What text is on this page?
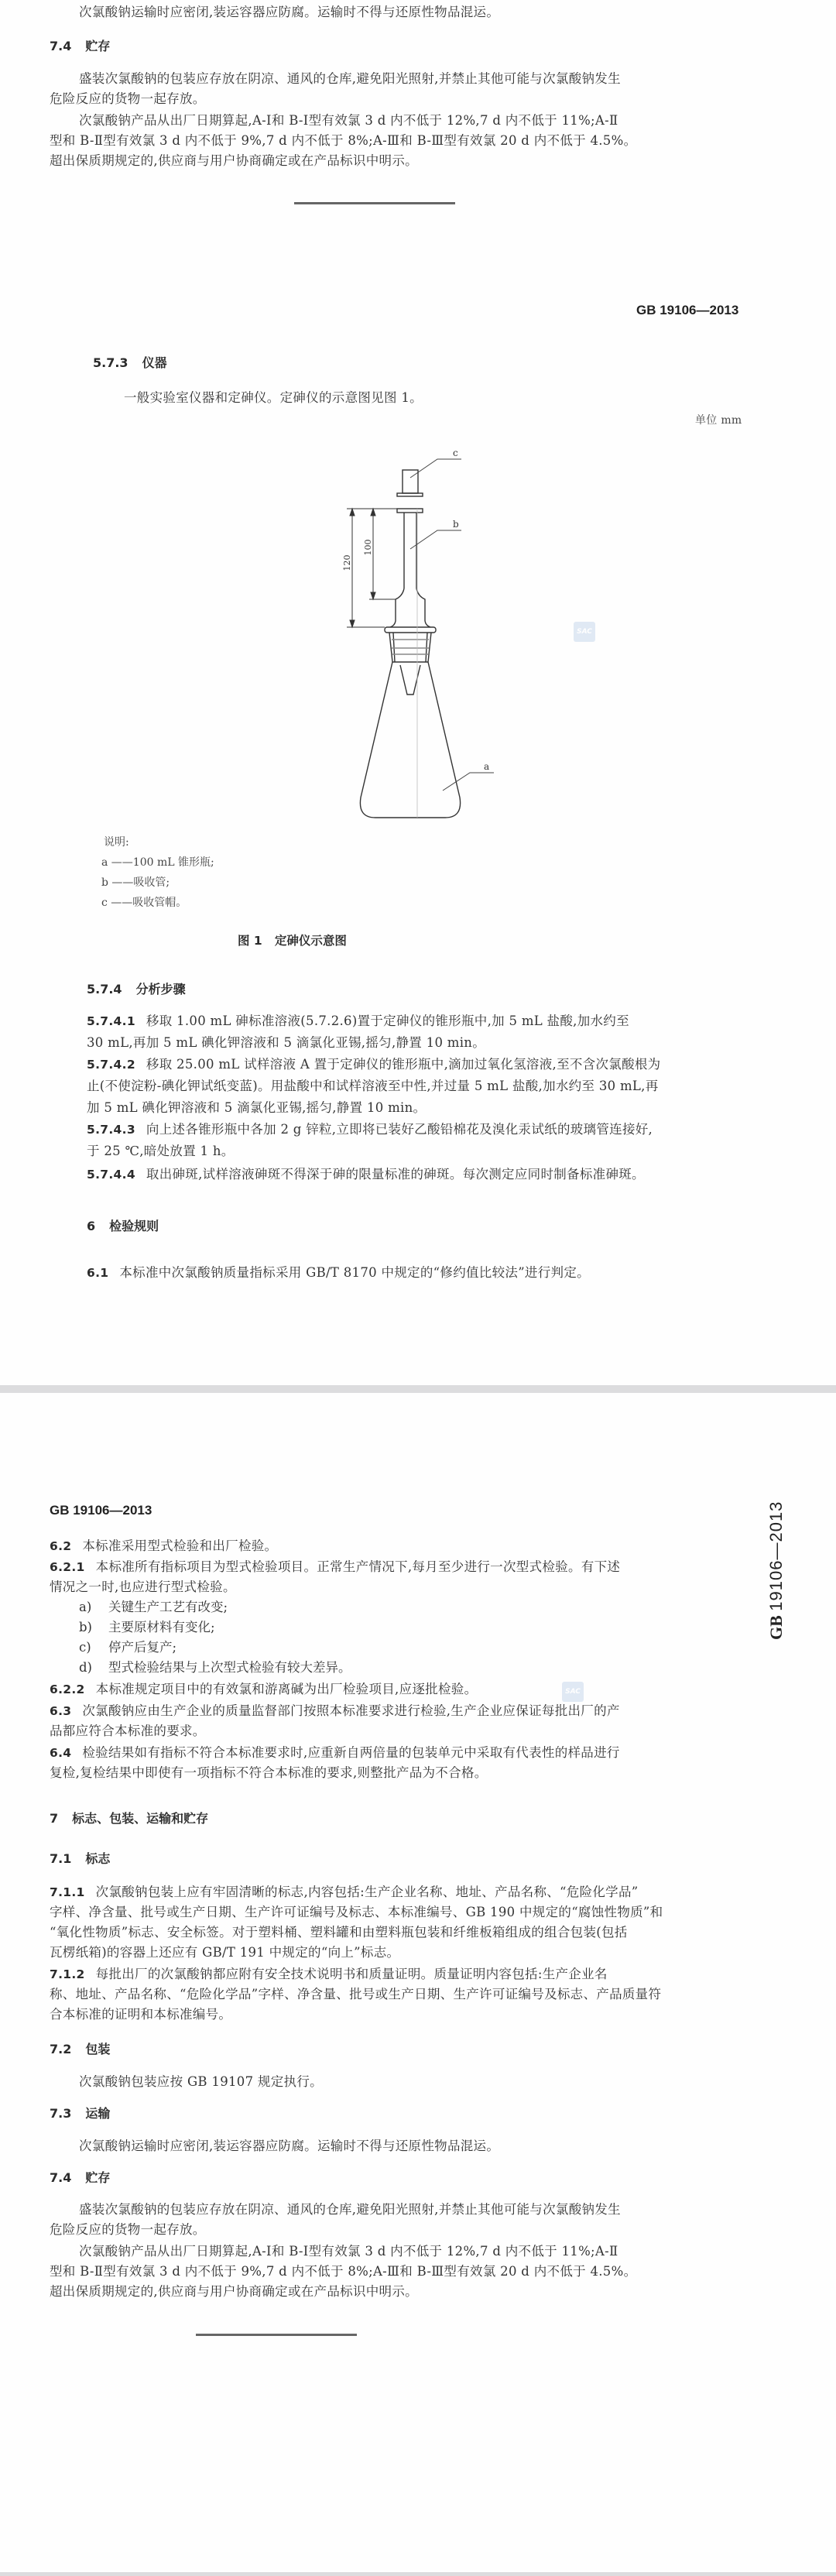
次氯酸钠运输时应密闭,装运容器应防腐。运输时不得与还原性物品混运。
7.4 贮存
盛装次氯酸钠的包装应存放在阴凉、通风的仓库,避免阳光照射,并禁止其他可能与次氯酸钠发生
危险反应的货物一起存放。
次氯酸钠产品从出厂日期算起,A-Ⅰ和 B-Ⅰ型有效氯 3 d 内不低于 12%,7 d 内不低于 11%;A-Ⅱ
型和 B-Ⅱ型有效氯 3 d 内不低于 9%,7 d 内不低于 8%;A-Ⅲ和 B-Ⅲ型有效氯 20 d 内不低于 4.5%。
超出保质期规定的,供应商与用户协商确定或在产品标识中明示。
GB 19106—2013
5.7.3 仪器
一般实验室仪器和定砷仪。定砷仪的示意图见图 1。
单位 mm
120
100
c
b
a
SAC
说明:
a ——100 mL 锥形瓶;
b ——吸收管;
c ——吸收管帽。
图 1   定砷仪示意图
5.7.4 分析步骤
5.7.4.1 移取 1.00 mL 砷标准溶液(5.7.2.6)置于定砷仪的锥形瓶中,加 5 mL 盐酸,加水约至
30 mL,再加 5 mL 碘化钾溶液和 5 滴氯化亚锡,摇匀,静置 10 min。
5.7.4.2 移取 25.00 mL 试样溶液 A 置于定砷仪的锥形瓶中,滴加过氧化氢溶液,至不含次氯酸根为
止(不使淀粉-碘化钾试纸变蓝)。用盐酸中和试样溶液至中性,并过量 5 mL 盐酸,加水约至 30 mL,再
加 5 mL 碘化钾溶液和 5 滴氯化亚锡,摇匀,静置 10 min。
5.7.4.3 向上述各锥形瓶中各加 2 g 锌粒,立即将已装好乙酸铅棉花及溴化汞试纸的玻璃管连接好,
于 25 ℃,暗处放置 1 h。
5.7.4.4 取出砷斑,试样溶液砷斑不得深于砷的限量标准的砷斑。每次测定应同时制备标准砷斑。
6 检验规则
6.1 本标准中次氯酸钠质量指标采用 GB/T 8170 中规定的“修约值比较法”进行判定。
GB 19106—2013
GB 19106—2013
6.2 本标准采用型式检验和出厂检验。
6.2.1 本标准所有指标项目为型式检验项目。正常生产情况下,每月至少进行一次型式检验。有下述
情况之一时,也应进行型式检验。
a) 关键生产工艺有改变;
b) 主要原材料有变化;
c) 停产后复产;
d) 型式检验结果与上次型式检验有较大差异。
6.2.2 本标准规定项目中的有效氯和游离碱为出厂检验项目,应逐批检验。	SAC
6.3 次氯酸钠应由生产企业的质量监督部门按照本标准要求进行检验,生产企业应保证每批出厂的产
品都应符合本标准的要求。
6.4 检验结果如有指标不符合本标准要求时,应重新自两倍量的包装单元中采取有代表性的样品进行
复检,复检结果中即使有一项指标不符合本标准的要求,则整批产品为不合格。
7 标志、包装、运输和贮存
7.1 标志
7.1.1 次氯酸钠包装上应有牢固清晰的标志,内容包括:生产企业名称、地址、产品名称、“危险化学品”
字样、净含量、批号或生产日期、生产许可证编号及标志、本标准编号、GB 190 中规定的“腐蚀性物质”和
“氧化性物质”标志、安全标签。对于塑料桶、塑料罐和由塑料瓶包装和纤维板箱组成的组合包装(包括
瓦楞纸箱)的容器上还应有 GB/T 191 中规定的“向上”标志。
7.1.2 每批出厂的次氯酸钠都应附有安全技术说明书和质量证明。质量证明内容包括:生产企业名
称、地址、产品名称、“危险化学品”字样、净含量、批号或生产日期、生产许可证编号及标志、产品质量符
合本标准的证明和本标准编号。
7.2 包装
次氯酸钠包装应按 GB 19107 规定执行。
7.3 运输
次氯酸钠运输时应密闭,装运容器应防腐。运输时不得与还原性物品混运。
7.4 贮存
盛装次氯酸钠的包装应存放在阴凉、通风的仓库,避免阳光照射,并禁止其他可能与次氯酸钠发生
危险反应的货物一起存放。
次氯酸钠产品从出厂日期算起,A-Ⅰ和 B-Ⅰ型有效氯 3 d 内不低于 12%,7 d 内不低于 11%;A-Ⅱ
型和 B-Ⅱ型有效氯 3 d 内不低于 9%,7 d 内不低于 8%;A-Ⅲ和 B-Ⅲ型有效氯 20 d 内不低于 4.5%。
超出保质期规定的,供应商与用户协商确定或在产品标识中明示。
